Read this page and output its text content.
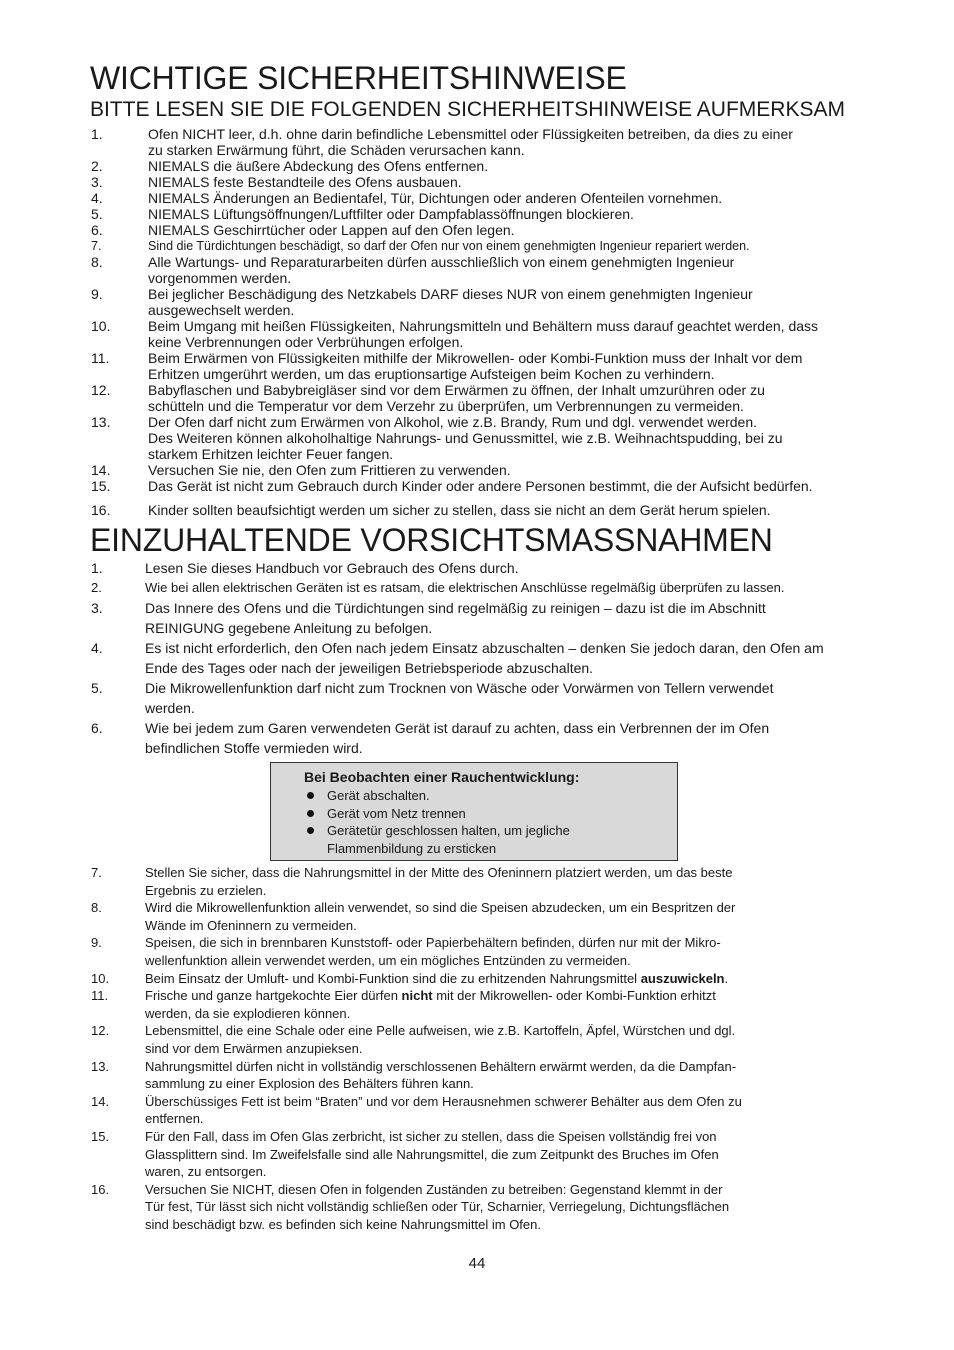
WICHTIGE SICHERHEITSHINWEISE
BITTE LESEN SIE DIE FOLGENDEN SICHERHEITSHINWEISE AUFMERKSAM
1.	Ofen NICHT leer, d.h. ohne darin befindliche Lebensmittel oder Flüssigkeiten betreiben, da dies zu einer
zu starken Erwärmung führt, die Schäden verursachen kann.
2.	NIEMALS die äußere Abdeckung des Ofens entfernen.
3.	NIEMALS feste Bestandteile des Ofens ausbauen.
4.	NIEMALS Änderungen an Bedientafel, Tür, Dichtungen oder anderen Ofenteilen vornehmen.
5.	NIEMALS Lüftungsöffnungen/Luftfilter oder Dampfablassöffnungen blockieren.
6.	NIEMALS Geschirrtücher oder Lappen auf den Ofen legen.
7.	Sind die Türdichtungen beschädigt, so darf der Ofen nur von einem genehmigten Ingenieur repariert werden.
8.	Alle Wartungs- und Reparaturarbeiten dürfen ausschließlich von einem genehmigten Ingenieur
vorgenommen werden.
9.	Bei jeglicher Beschädigung des Netzkabels DARF dieses NUR von einem genehmigten Ingenieur
ausgewechselt werden.
10.	Beim Umgang mit heißen Flüssigkeiten, Nahrungsmitteln und Behältern muss darauf geachtet werden, dass
keine Verbrennungen oder Verbrühungen erfolgen.
11.	Beim Erwärmen von Flüssigkeiten mithilfe der Mikrowellen- oder Kombi-Funktion muss der Inhalt vor dem
Erhitzen umgerührt werden, um das eruptionsartige Aufsteigen beim Kochen zu verhindern.
12.	Babyflaschen und Babybreigläser sind vor dem Erwärmen zu öffnen, der Inhalt umzurühren oder zu
schütteln und die Temperatur vor dem Verzehr zu überprüfen, um Verbrennungen zu vermeiden.
13.	Der Ofen darf nicht zum Erwärmen von Alkohol, wie z.B. Brandy, Rum und dgl. verwendet werden.
Des Weiteren können alkoholhaltige Nahrungs- und Genussmittel, wie z.B. Weihnachtspudding, bei zu
starkem Erhitzen leichter Feuer fangen.
14.	Versuchen Sie nie, den Ofen zum Frittieren zu verwenden.
15.	Das Gerät ist nicht zum Gebrauch durch Kinder oder andere Personen bestimmt, die der Aufsicht bedürfen.
16.	Kinder sollten beaufsichtigt werden um sicher zu stellen, dass sie nicht an dem Gerät herum spielen.
EINZUHALTENDE VORSICHTSMASSNAHMEN
1.	Lesen Sie dieses Handbuch vor Gebrauch des Ofens durch.
2.	Wie bei allen elektrischen Geräten ist es ratsam, die elektrischen Anschlüsse regelmäßig überprüfen zu lassen.
3.	Das Innere des Ofens und die Türdichtungen sind regelmäßig zu reinigen – dazu ist die im Abschnitt
REINIGUNG gegebene Anleitung zu befolgen.
4.	Es ist nicht erforderlich, den Ofen nach jedem Einsatz abzuschalten – denken Sie jedoch daran, den Ofen am
Ende des Tages oder nach der jeweiligen Betriebsperiode abzuschalten.
5.	Die Mikrowellenfunktion darf nicht zum Trocknen von Wäsche oder Vorwärmen von Tellern verwendet
werden.
6.	Wie bei jedem zum Garen verwendeten Gerät ist darauf zu achten, dass ein Verbrennen der im Ofen
befindlichen Stoffe vermieden wird.
Bei Beobachten einer Rauchentwicklung:
Gerät abschalten.
Gerät vom Netz trennen
Gerätetür geschlossen halten, um jegliche
Flammenbildung zu ersticken
7.	Stellen Sie sicher, dass die Nahrungsmittel in der Mitte des Ofeninnern platziert werden, um das beste
Ergebnis zu erzielen.
8.	Wird die Mikrowellenfunktion allein verwendet, so sind die Speisen abzudecken, um ein Bespritzen der
Wände im Ofeninnern zu vermeiden.
9.	Speisen, die sich in brennbaren Kunststoff- oder Papierbehältern befinden, dürfen nur mit der Mikro-
wellenfunktion allein verwendet werden, um ein mögliches Entzünden zu vermeiden.
10.	Beim Einsatz der Umluft- und Kombi-Funktion sind die zu erhitzenden Nahrungsmittel auszuwickeln.
11.	Frische und ganze hartgekochte Eier dürfen nicht mit der Mikrowellen- oder Kombi-Funktion erhitzt
werden, da sie explodieren können.
12.	Lebensmittel, die eine Schale oder eine Pelle aufweisen, wie z.B. Kartoffeln, Äpfel, Würstchen und dgl.
sind vor dem Erwärmen anzupieksen.
13.	Nahrungsmittel dürfen nicht in vollständig verschlossenen Behältern erwärmt werden, da die Dampfan-
sammlung zu einer Explosion des Behälters führen kann.
14.	Überschüssiges Fett ist beim “Braten” und vor dem Herausnehmen schwerer Behälter aus dem Ofen zu
entfernen.
15.	Für den Fall, dass im Ofen Glas zerbricht, ist sicher zu stellen, dass die Speisen vollständig frei von
Glassplittern sind. Im Zweifelsfalle sind alle Nahrungsmittel, die zum Zeitpunkt des Bruches im Ofen
waren, zu entsorgen.
16.	Versuchen Sie NICHT, diesen Ofen in folgenden Zuständen zu betreiben: Gegenstand klemmt in der
Tür fest, Tür lässt sich nicht vollständig schließen oder Tür, Scharnier, Verriegelung, Dichtungsflächen
sind beschädigt bzw. es befinden sich keine Nahrungsmittel im Ofen.
44
